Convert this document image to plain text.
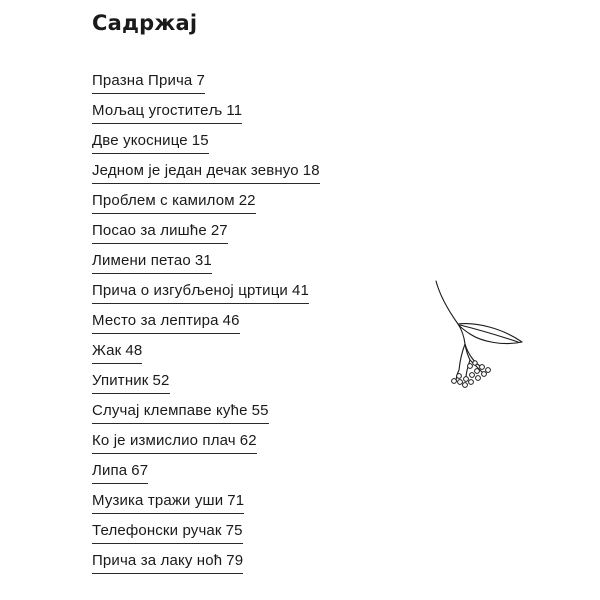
Садржај
Празна Прича 7
Мољац угоститељ 11
Две укоснице 15
Једном је један дечак зевнуо 18
Проблем с камилом 22
Посао за лишће 27
Лимени петао 31
Прича о изгубљеној цртици 41
Место за лептира 46
Жак 48
Упитник 52
Случај клемпаве куће 55
Ко је измислио плач 62
Липа 67
Музика тражи уши 71
Телефонски ручак 75
Прича за лаку ноћ 79
